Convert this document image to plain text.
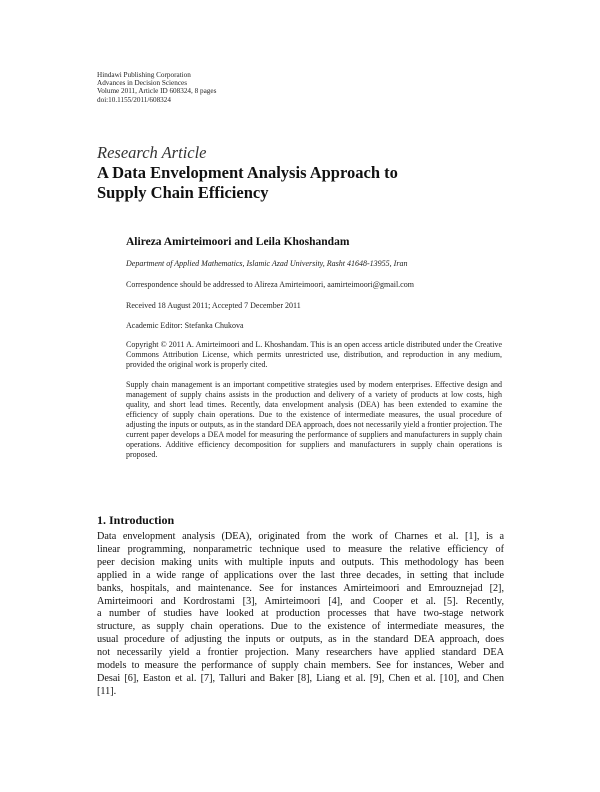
Hindawi Publishing Corporation
Advances in Decision Sciences
Volume 2011, Article ID 608324, 8 pages
doi:10.1155/2011/608324
Research Article
A Data Envelopment Analysis Approach to
Supply Chain Efficiency
Alireza Amirteimoori and Leila Khoshandam
Department of Applied Mathematics, Islamic Azad University, Rasht 41648-13955, Iran
Correspondence should be addressed to Alireza Amirteimoori, aamirteimoori@gmail.com
Received 18 August 2011; Accepted 7 December 2011
Academic Editor: Stefanka Chukova
Copyright © 2011 A. Amirteimoori and L. Khoshandam. This is an open access article distributed under the Creative Commons Attribution License, which permits unrestricted use, distribution, and reproduction in any medium, provided the original work is properly cited.
Supply chain management is an important competitive strategies used by modern enterprises. Effective design and management of supply chains assists in the production and delivery of a variety of products at low costs, high quality, and short lead times. Recently, data envelopment analysis (DEA) has been extended to examine the efficiency of supply chain operations. Due to the existence of intermediate measures, the usual procedure of adjusting the inputs or outputs, as in the standard DEA approach, does not necessarily yield a frontier projection. The current paper develops a DEA model for measuring the performance of suppliers and manufacturers in supply chain operations. Additive efficiency decomposition for suppliers and manufacturers in supply chain operations is proposed.
1. Introduction
Data envelopment analysis (DEA), originated from the work of Charnes et al. [1], is a
linear programming, nonparametric technique used to measure the relative efficiency of
peer decision making units with multiple inputs and outputs. This methodology has been
applied in a wide range of applications over the last three decades, in setting that include
banks, hospitals, and maintenance. See for instances Amirteimoori and Emrouznejad [2],
Amirteimoori and Kordrostami [3], Amirteimoori [4], and Cooper et al. [5]. Recently,
a number of studies have looked at production processes that have two-stage network
structure, as supply chain operations. Due to the existence of intermediate measures, the
usual procedure of adjusting the inputs or outputs, as in the standard DEA approach, does
not necessarily yield a frontier projection. Many researchers have applied standard DEA
models to measure the performance of supply chain members. See for instances, Weber and
Desai [6], Easton et al. [7], Talluri and Baker [8], Liang et al. [9], Chen et al. [10], and Chen
[11].
